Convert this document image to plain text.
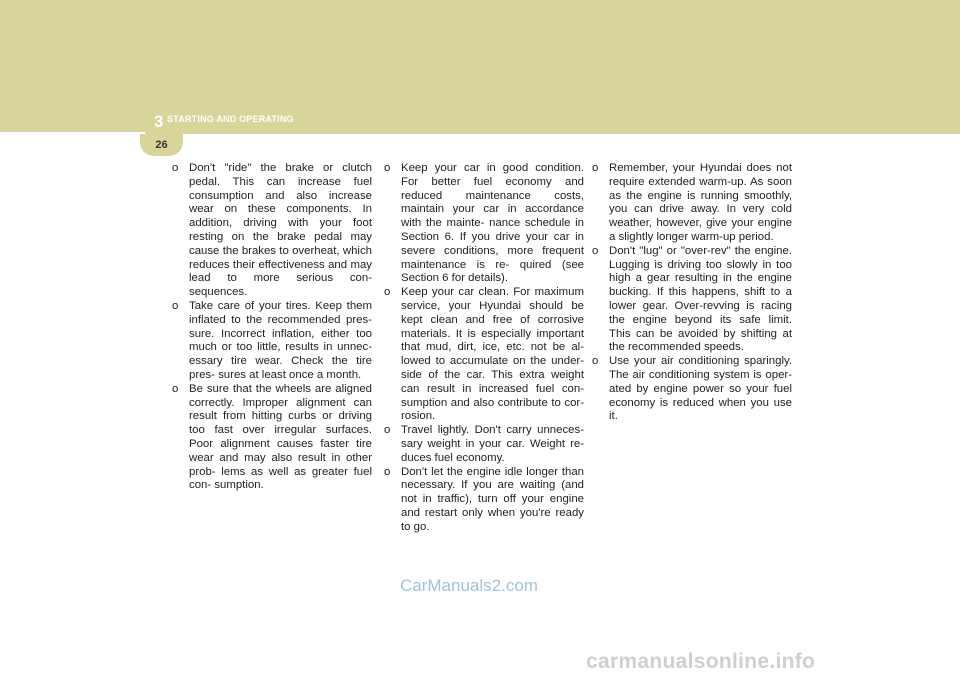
3 STARTING AND OPERATING
26
o Don't "ride" the brake or clutch pedal. This can increase fuel consumption and also increase wear on these components. In addition, driving with your foot resting on the brake pedal may cause the brakes to overheat, which reduces their effectiveness and may lead to more serious con- sequences.
o Take care of your tires. Keep them inflated to the recommended pres- sure. Incorrect inflation, either too much or too little, results in unnec- essary tire wear. Check the tire pres- sures at least once a month.
o Be sure that the wheels are aligned correctly. Improper alignment can result from hitting curbs or driving too fast over irregular surfaces. Poor alignment causes faster tire wear and may also result in other prob- lems as well as greater fuel con- sumption.
o Keep your car in good condition. For better fuel economy and reduced maintenance costs, maintain your car in accordance with the mainte- nance schedule in Section 6. If you drive your car in severe conditions, more frequent maintenance is re- quired (see Section 6 for details).
o Keep your car clean. For maximum service, your Hyundai should be kept clean and free of corrosive materials. It is especially important that mud, dirt, ice, etc. not be al- lowed to accumulate on the under- side of the car. This extra weight can result in increased fuel con- sumption and also contribute to cor- rosion.
o Travel lightly. Don't carry unneces- sary weight in your car. Weight re- duces fuel economy.
o Don't let the engine idle longer than necessary. If you are waiting (and not in traffic), turn off your engine and restart only when you're ready to go.
o Remember, your Hyundai does not require extended warm-up. As soon as the engine is running smoothly, you can drive away. In very cold weather, however, give your engine a slightly longer warm-up period.
o Don't "lug" or "over-rev" the engine. Lugging is driving too slowly in too high a gear resulting in the engine bucking. If this happens, shift to a lower gear. Over-revving is racing the engine beyond its safe limit. This can be avoided by shifting at the recommended speeds.
o Use your air conditioning sparingly. The air conditioning system is oper- ated by engine power so your fuel economy is reduced when you use it.
CarManuals2.com
carmanualsonline.info
